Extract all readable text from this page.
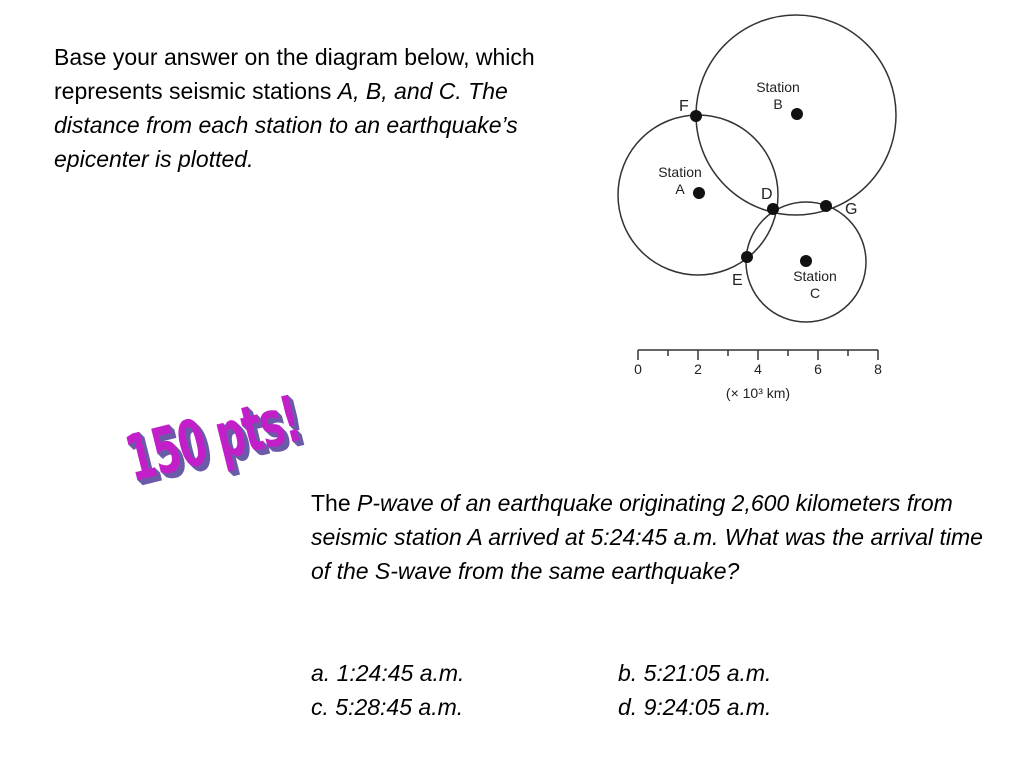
Base your answer on the diagram below, which represents seismic stations A, B, and C. The distance from each station to an earthquake’s epicenter is plotted.	Station
A
Station
B
Station
C
F
D
G
E
0	2	4	6	8
(× 10³ km)
150 pts!
The P-wave of an earthquake originating 2,600 kilometers from seismic station A arrived at 5:24:45 a.m. What was the arrival time of the S-wave from the same earthquake?
a. 1:24:45 a.m.	b. 5:21:05 a.m.
c. 5:28:45 a.m.	d. 9:24:05 a.m.
